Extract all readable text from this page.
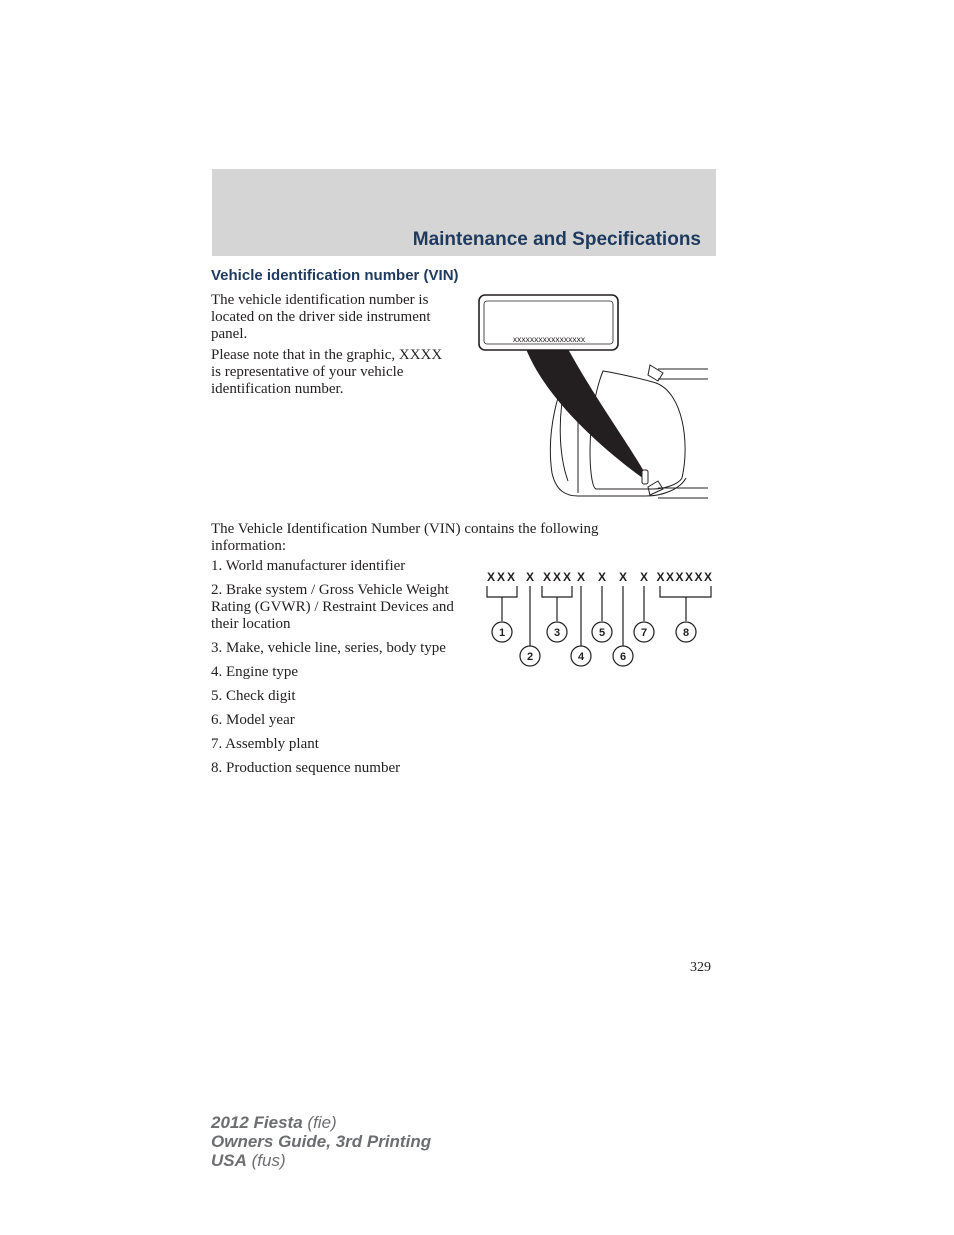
Maintenance and Specifications
Vehicle identification number (VIN)

The vehicle identification number is located on the driver side instrument panel.

Please note that in the graphic, XXXX is representative of your vehicle identification number.

xxxxxxxxxxxxxxxxx

The Vehicle Identification Number (VIN) contains the following information:

1. World manufacturer identifier
2. Brake system / Gross Vehicle Weight Rating (GVWR) / Restraint Devices and their location
3. Make, vehicle line, series, body type
4. Engine type
5. Check digit
6. Model year
7. Assembly plant
8. Production sequence number
XXX X XXX X X X X XXXXXX
1
2
3
4
5
6
7	8
329

2012 Fiesta (fie)
Owners Guide, 3rd Printing
USA (fus)
